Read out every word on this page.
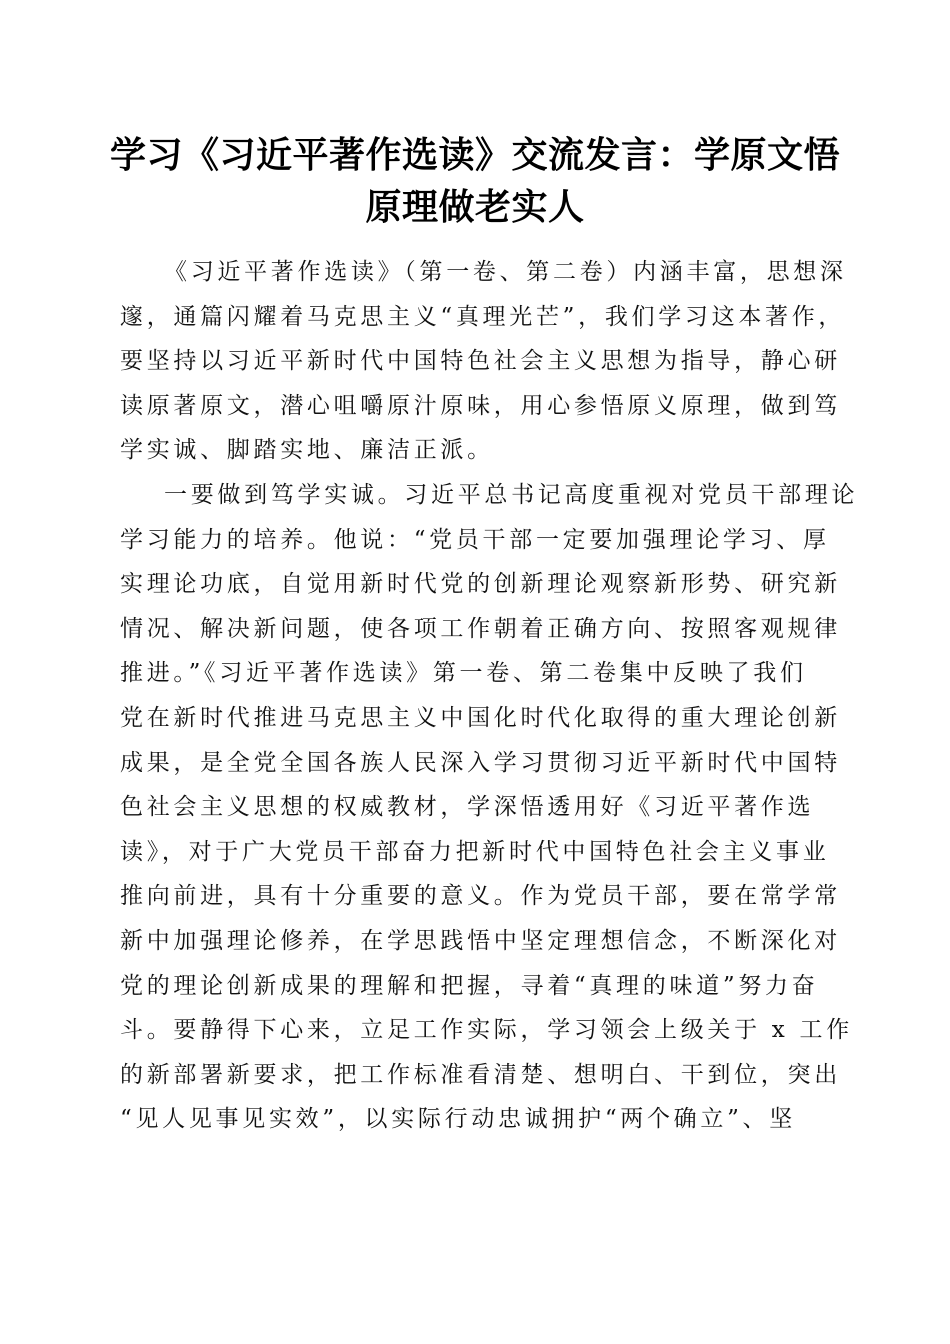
学习《习近平著作选读》交流发言：学原文悟
原理做老实人

《习近平著作选读》（第一卷、第二卷）内涵丰富，思想深
邃，通篇闪耀着马克思主义“真理光芒”，我们学习这本著作，
要坚持以习近平新时代中国特色社会主义思想为指导，静心研
读原著原文，潜心咀嚼原汁原味，用心参悟原义原理，做到笃
学实诚、脚踏实地、廉洁正派。

一要做到笃学实诚。习近平总书记高度重视对党员干部理论
学习能力的培养。他说：“党员干部一定要加强理论学习、厚
实理论功底，自觉用新时代党的创新理论观察新形势、研究新
情况、解决新问题，使各项工作朝着正确方向、按照客观规律
推进。”《习近平著作选读》第一卷、第二卷集中反映了我们
党在新时代推进马克思主义中国化时代化取得的重大理论创新
成果，是全党全国各族人民深入学习贯彻习近平新时代中国特
色社会主义思想的权威教材，学深悟透用好《习近平著作选
读》，对于广大党员干部奋力把新时代中国特色社会主义事业
推向前进，具有十分重要的意义。作为党员干部，要在常学常
新中加强理论修养，在学思践悟中坚定理想信念，不断深化对
党的理论创新成果的理解和把握，寻着“真理的味道”努力奋
斗。要静得下心来，立足工作实际，学习领会上级关于 x 工作
的新部署新要求，把工作标准看清楚、想明白、干到位，突出
“见人见事见实效”，以实际行动忠诚拥护“两个确立”、坚
